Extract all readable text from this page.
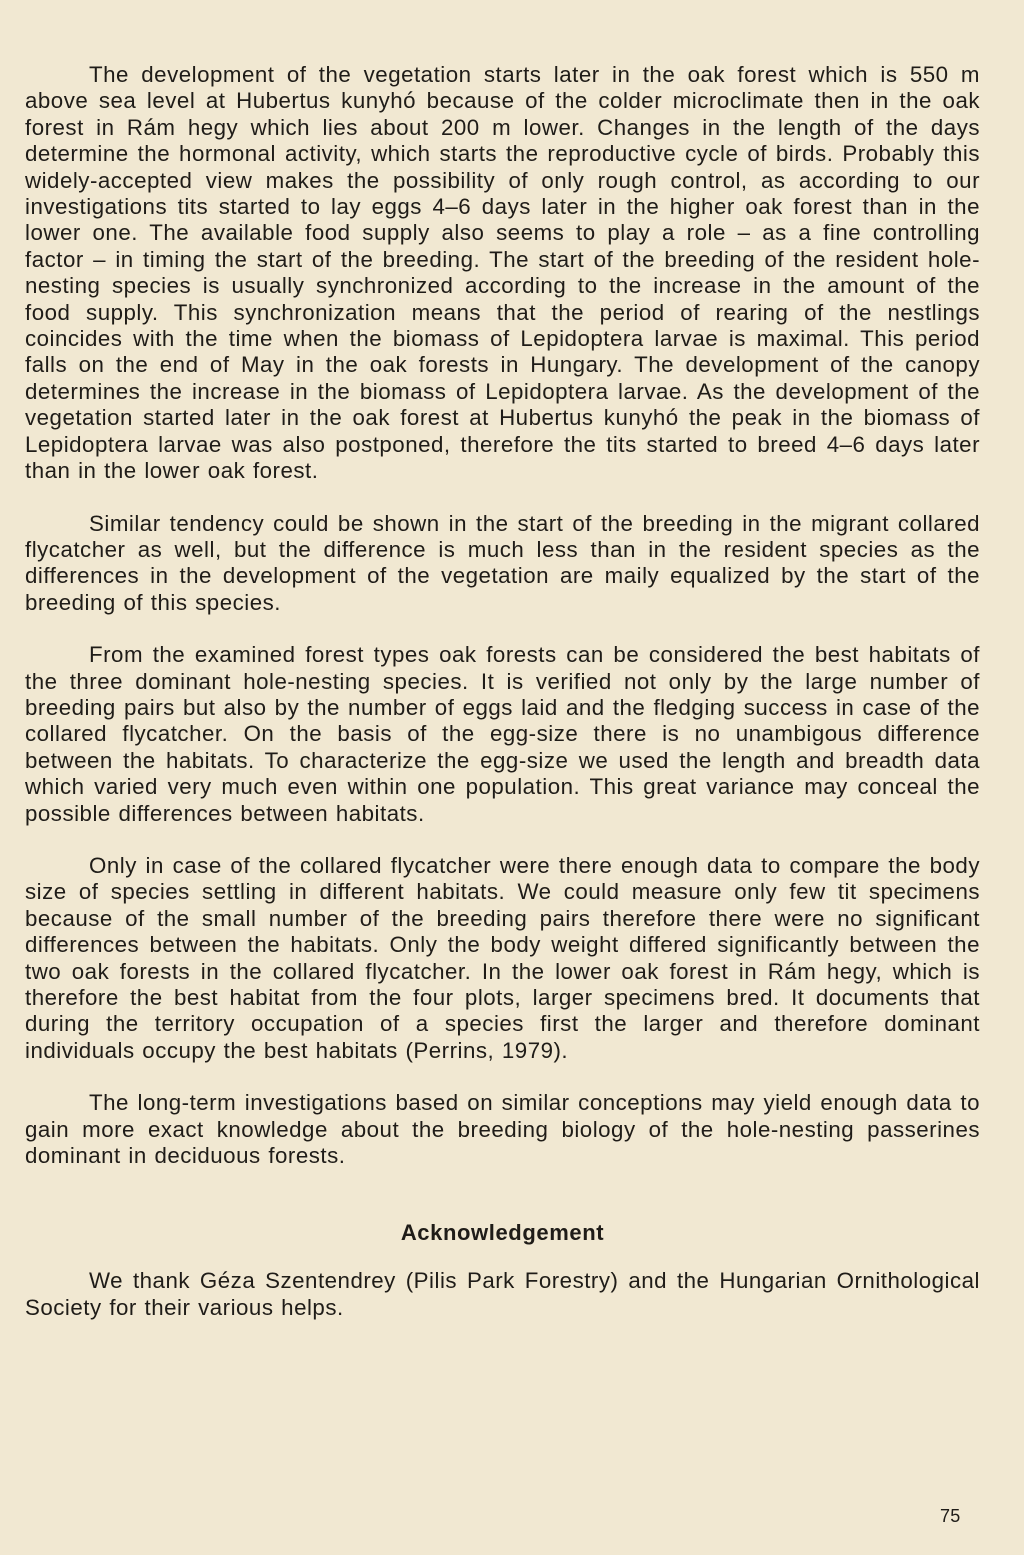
The development of the vegetation starts later in the oak forest which is 550 m above sea level at Hubertus kunyhó because of the colder microclimate then in the oak forest in Rám hegy which lies about 200 m lower. Changes in the length of the days determine the hormonal activity, which starts the reproductive cycle of birds. Probably this widely-accepted view makes the possibility of only rough control, as according to our investigations tits started to lay eggs 4–6 days later in the higher oak forest than in the lower one. The available food supply also seems to play a role – as a fine controlling factor – in timing the start of the breeding. The start of the breeding of the resident hole-nesting species is usually synchronized according to the increase in the amount of the food supply. This synchronization means that the period of rearing of the nestlings coincides with the time when the biomass of Lepidoptera larvae is maximal. This period falls on the end of May in the oak forests in Hungary. The development of the canopy determines the increase in the biomass of Lepidoptera larvae. As the development of the vegetation started later in the oak forest at Hubertus kunyhó the peak in the biomass of Lepidoptera larvae was also postponed, therefore the tits started to breed 4–6 days later than in the lower oak forest.

Similar tendency could be shown in the start of the breeding in the migrant collared flycatcher as well, but the difference is much less than in the resident species as the differences in the development of the vegetation are maily equalized by the start of the breeding of this species.

From the examined forest types oak forests can be considered the best habitats of the three dominant hole-nesting species. It is verified not only by the large number of breeding pairs but also by the number of eggs laid and the fledging success in case of the collared flycatcher. On the basis of the egg-size there is no unambigous difference between the habitats. To characterize the egg-size we used the length and breadth data which varied very much even within one population. This great variance may conceal the possible differences between habitats.

Only in case of the collared flycatcher were there enough data to compare the body size of species settling in different habitats. We could measure only few tit specimens because of the small number of the breeding pairs therefore there were no significant differences between the habitats. Only the body weight differed significantly between the two oak forests in the collared flycatcher. In the lower oak forest in Rám hegy, which is therefore the best habitat from the four plots, larger specimens bred. It documents that during the territory occupation of a species first the larger and therefore dominant individuals occupy the best habitats (Perrins, 1979).

The long-term investigations based on similar conceptions may yield enough data to gain more exact knowledge about the breeding biology of the hole-nesting passerines dominant in deciduous forests.

Acknowledgement

We thank Géza Szentendrey (Pilis Park Forestry) and the Hungarian Ornithological Society for their various helps.

75
